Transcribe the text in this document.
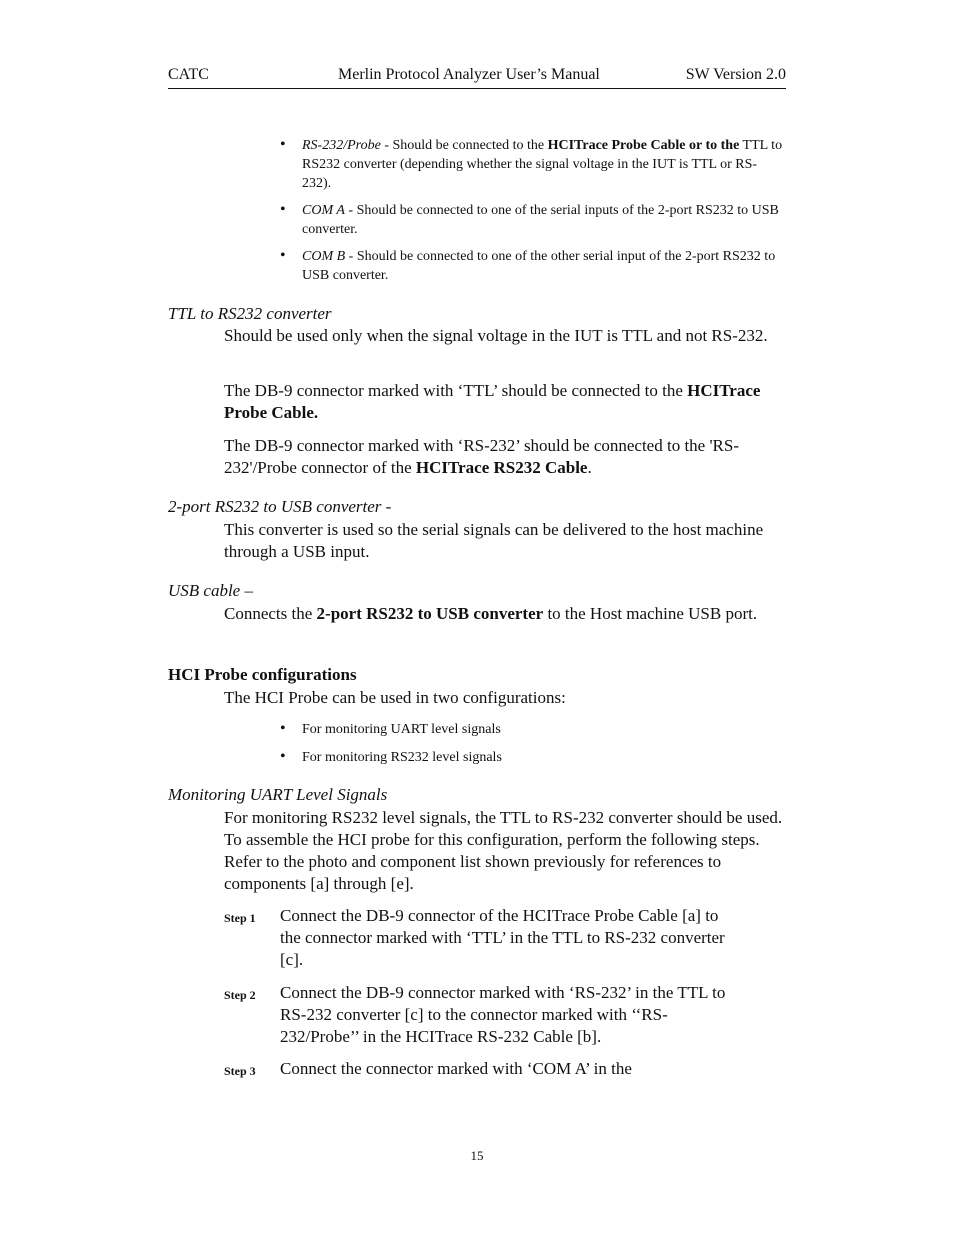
CATC	Merlin Protocol Analyzer User’s Manual	SW Version 2.0
• RS-232/Probe - Should be connected to the HCITrace Probe Cable or to the TTL to RS232 converter (depending whether the signal voltage in the IUT is TTL or RS-232).
• COM A - Should be connected to one of the serial inputs of the 2-port RS232 to USB converter.
• COM B - Should be connected to one of the other serial input of the 2-port RS232 to USB converter.
TTL to RS232 converter
Should be used only when the signal voltage in the IUT is TTL and not RS-232.
The DB-9 connector marked with ‘TTL’ should be connected to the HCITrace Probe Cable.
The DB-9 connector marked with ‘RS-232’ should be connected to the 'RS-232'/Probe connector of the HCITrace RS232 Cable.
2-port RS232 to USB converter -
This converter is used so the serial signals can be delivered to the host machine through a USB input.
USB cable –
Connects the 2-port RS232 to USB converter to the Host machine USB port.
HCI Probe configurations
The HCI Probe can be used in two configurations:
• For monitoring UART level signals
• For monitoring RS232 level signals
Monitoring UART Level Signals
For monitoring RS232 level signals, the TTL to RS-232 converter should be used. To assemble the HCI probe for this configuration, perform the following steps. Refer to the photo and component list shown previously for references to components [a] through [e].
Step 1 Connect the DB-9 connector of the HCITrace Probe Cable [a] to the connector marked with ‘TTL’ in the TTL to RS-232 converter [c].
Step 2 Connect the DB-9 connector marked with ‘RS-232’ in the TTL to RS-232 converter [c] to the connector marked with ‘‘RS-232/Probe’’ in the HCITrace RS-232 Cable [b].
Step 3 Connect the connector marked with ‘COM A’ in the
15
